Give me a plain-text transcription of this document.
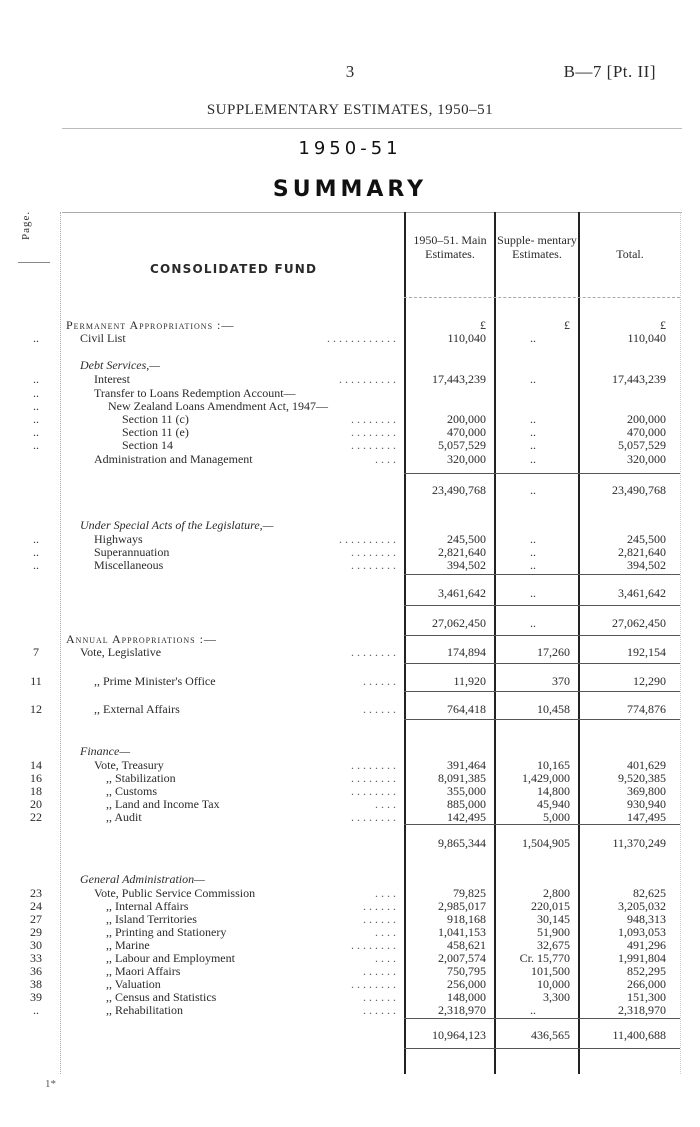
3	B—7 [Pt. II]
SUPPLEMENTARY ESTIMATES, 1950–51
1950-51
SUMMARY
Page.
CONSOLIDATED FUND
1950–51. Main Estimates.
Supple- mentary Estimates.	Total.
Permanent Appropriations :—	£	£	£
..	Civil List	. . . . . . . . . . . .	110,040	..	110,040
Debt Services,—
..	Interest	. . . . . . . . . .	17,443,239	..	17,443,239
..	Transfer to Loans Redemption Account—
..	New Zealand Loans Amendment Act, 1947—
..	Section 11 (c)	. . . . . . . .	200,000	..	200,000
..	Section 11 (e)	. . . . . . . .	470,000	..	470,000
..	Section 14	. . . . . . . .	5,057,529	..	5,057,529
Administration and Management	. . . .	320,000	..	320,000
23,490,768	..	23,490,768
Under Special Acts of the Legislature,—
..	Highways	. . . . . . . . . .	245,500	..	245,500
..	Superannuation	. . . . . . . .	2,821,640	..	2,821,640
..	Miscellaneous	. . . . . . . .	394,502	..	394,502
3,461,642	..	3,461,642
27,062,450	..	27,062,450
Annual Appropriations :—
7	Vote, Legislative	. . . . . . . .	174,894	17,260	192,154
11	,, Prime Minister's Office	. . . . . .	11,920	370	12,290
12	,, External Affairs	. . . . . .	764,418	10,458	774,876
Finance—
14	Vote, Treasury	. . . . . . . .	391,464	10,165	401,629
16	,, Stabilization	. . . . . . . .	8,091,385	1,429,000	9,520,385
18	,, Customs	. . . . . . . .	355,000	14,800	369,800
20	,, Land and Income Tax	. . . .	885,000	45,940	930,940
22	,, Audit	. . . . . . . .	142,495	5,000	147,495
9,865,344	1,504,905	11,370,249
General Administration—
23	Vote, Public Service Commission	. . . .	79,825	2,800	82,625
24	,, Internal Affairs	. . . . . .	2,985,017	220,015	3,205,032
27	,, Island Territories	. . . . . .	918,168	30,145	948,313
29	,, Printing and Stationery	. . . .	1,041,153	51,900	1,093,053
30	,, Marine	. . . . . . . .	458,621	32,675	491,296
33	,, Labour and Employment	. . . .	2,007,574	Cr. 15,770	1,991,804
36	,, Maori Affairs	. . . . . .	750,795	101,500	852,295
38	,, Valuation	. . . . . . . .	256,000	10,000	266,000
39	,, Census and Statistics	. . . . . .	148,000	3,300	151,300
..	,, Rehabilitation	. . . . . .	2,318,970	..	2,318,970
10,964,123	436,565	11,400,688
1*
